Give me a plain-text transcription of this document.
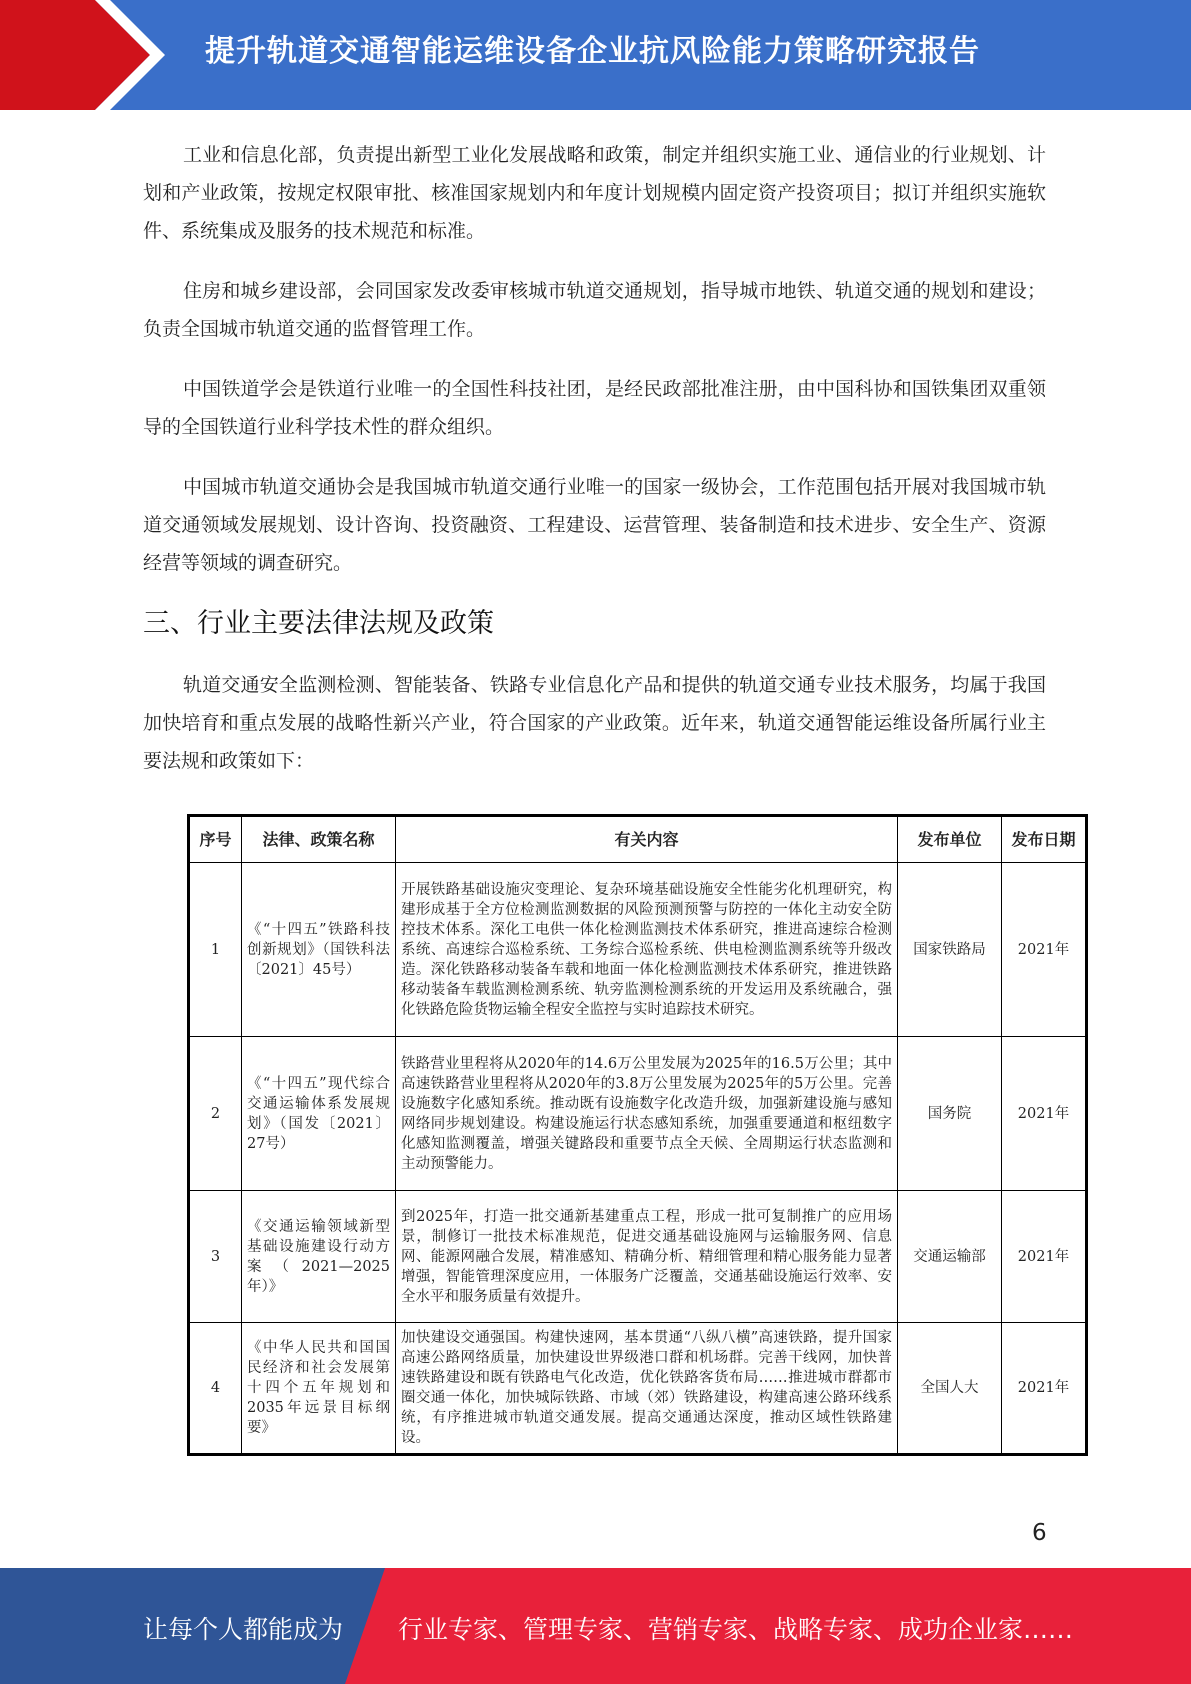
提升轨道交通智能运维设备企业抗风险能力策略研究报告

工业和信息化部，负责提出新型工业化发展战略和政策，制定并组织实施工业、通信业的行业规划、计划和产业政策，按规定权限审批、核准国家规划内和年度计划规模内固定资产投资项目；拟订并组织实施软件、系统集成及服务的技术规范和标准。

住房和城乡建设部，会同国家发改委审核城市轨道交通规划，指导城市地铁、轨道交通的规划和建设；负责全国城市轨道交通的监督管理工作。

中国铁道学会是铁道行业唯一的全国性科技社团，是经民政部批准注册，由中国科协和国铁集团双重领导的全国铁道行业科学技术性的群众组织。

中国城市轨道交通协会是我国城市轨道交通行业唯一的国家一级协会，工作范围包括开展对我国城市轨道交通领域发展规划、设计咨询、投资融资、工程建设、运营管理、装备制造和技术进步、安全生产、资源经营等领域的调查研究。

三、行业主要法律法规及政策

轨道交通安全监测检测、智能装备、铁路专业信息化产品和提供的轨道交通专业技术服务，均属于我国加快培育和重点发展的战略性新兴产业，符合国家的产业政策。近年来，轨道交通智能运维设备所属行业主要法规和政策如下：

序号	法律、政策名称	有关内容	发布单位	发布日期
1	《“十四五”铁路科技创新规划》（国铁科法〔2021〕45号）	开展铁路基础设施灾变理论、复杂环境基础设施安全性能劣化机理研究，构建形成基于全方位检测监测数据的风险预测预警与防控的一体化主动安全防控技术体系。深化工电供一体化检测监测技术体系研究，推进高速综合检测系统、高速综合巡检系统、工务综合巡检系统、供电检测监测系统等升级改造。深化铁路移动装备车载和地面一体化检测监测技术体系研究，推进铁路移动装备车载监测检测系统、轨旁监测检测系统的开发运用及系统融合，强化铁路危险货物运输全程安全监控与实时追踪技术研究。	国家铁路局	2021年
2	《“十四五”现代综合交通运输体系发展规划》（国发〔2021〕27号）	铁路营业里程将从2020年的14.6万公里发展为2025年的16.5万公里；其中高速铁路营业里程将从2020年的3.8万公里发展为2025年的5万公里。完善设施数字化感知系统。推动既有设施数字化改造升级，加强新建设施与感知网络同步规划建设。构建设施运行状态感知系统，加强重要通道和枢纽数字化感知监测覆盖，增强关键路段和重要节点全天候、全周期运行状态监测和主动预警能力。	国务院	2021年
3	《交通运输领域新型基础设施建设行动方案（2021—2025年）》	到2025年，打造一批交通新基建重点工程，形成一批可复制推广的应用场景，制修订一批技术标准规范，促进交通基础设施网与运输服务网、信息网、能源网融合发展，精准感知、精确分析、精细管理和精心服务能力显著增强，智能管理深度应用，一体服务广泛覆盖，交通基础设施运行效率、安全水平和服务质量有效提升。	交通运输部	2021年
4	《中华人民共和国国民经济和社会发展第十四个五年规划和2035年远景目标纲要》	加快建设交通强国。构建快速网，基本贯通“八纵八横”高速铁路，提升国家高速公路网络质量，加快建设世界级港口群和机场群。完善干线网，加快普速铁路建设和既有铁路电气化改造，优化铁路客货布局……推进城市群都市圈交通一体化，加快城际铁路、市域（郊）铁路建设，构建高速公路环线系统，有序推进城市轨道交通发展。提高交通通达深度，推动区域性铁路建设。	全国人大	2021年
6
让每个人都能成为 行业专家、管理专家、营销专家、战略专家、成功企业家……
